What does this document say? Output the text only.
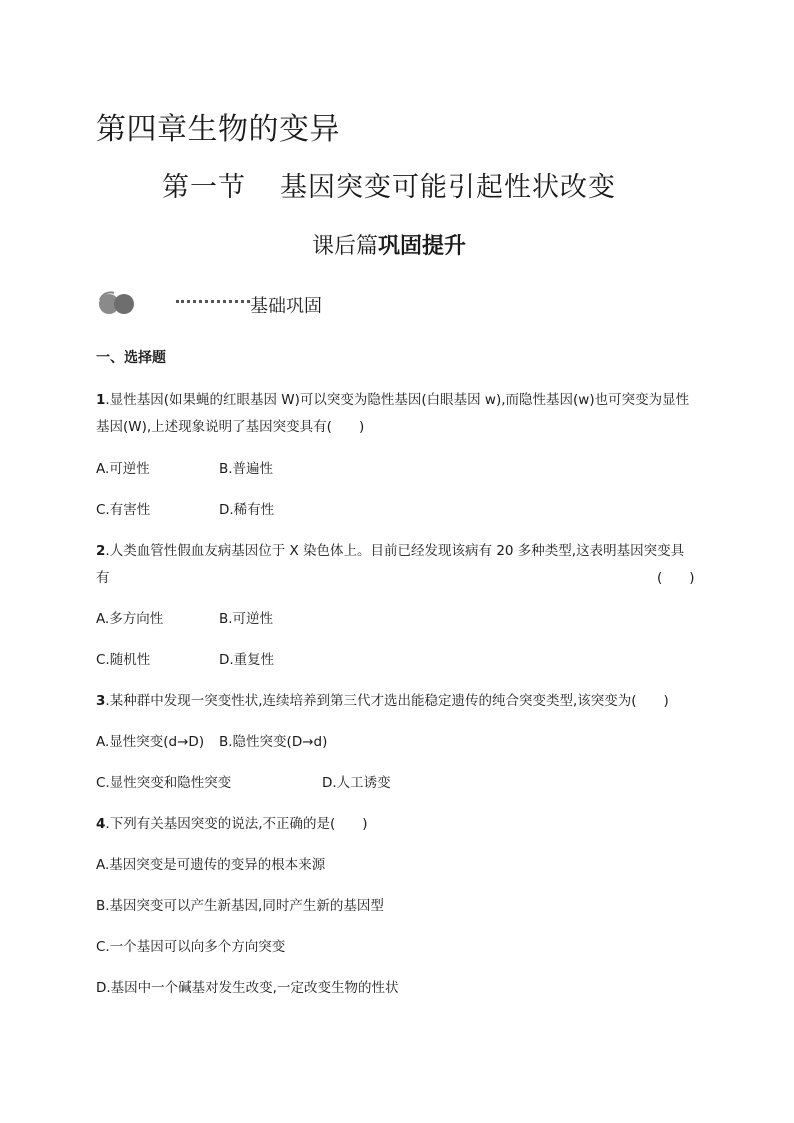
第四章生物的变异
第一节 基因突变可能引起性状改变
课后篇巩固提升
基础巩固
一、选择题
1.显性基因(如果蝇的红眼基因 W)可以突变为隐性基因(白眼基因 w),而隐性基因(w)也可突变为显性
基因(W),上述现象说明了基因突变具有(　　)
A.可逆性	B.普遍性
C.有害性	D.稀有性
2.人类血管性假血友病基因位于 X 染色体上。目前已经发现该病有 20 多种类型,这表明基因突变具
有	(　　)
A.多方向性	B.可逆性
C.随机性	D.重复性
3.某种群中发现一突变性状,连续培养到第三代才选出能稳定遗传的纯合突变类型,该突变为(　　)
A.显性突变(d→D) B.隐性突变(D→d)
C.显性突变和隐性突变	D.人工诱变
4.下列有关基因突变的说法,不正确的是(　　)
A.基因突变是可遗传的变异的根本来源
B.基因突变可以产生新基因,同时产生新的基因型
C.一个基因可以向多个方向突变
D.基因中一个碱基对发生改变,一定改变生物的性状
